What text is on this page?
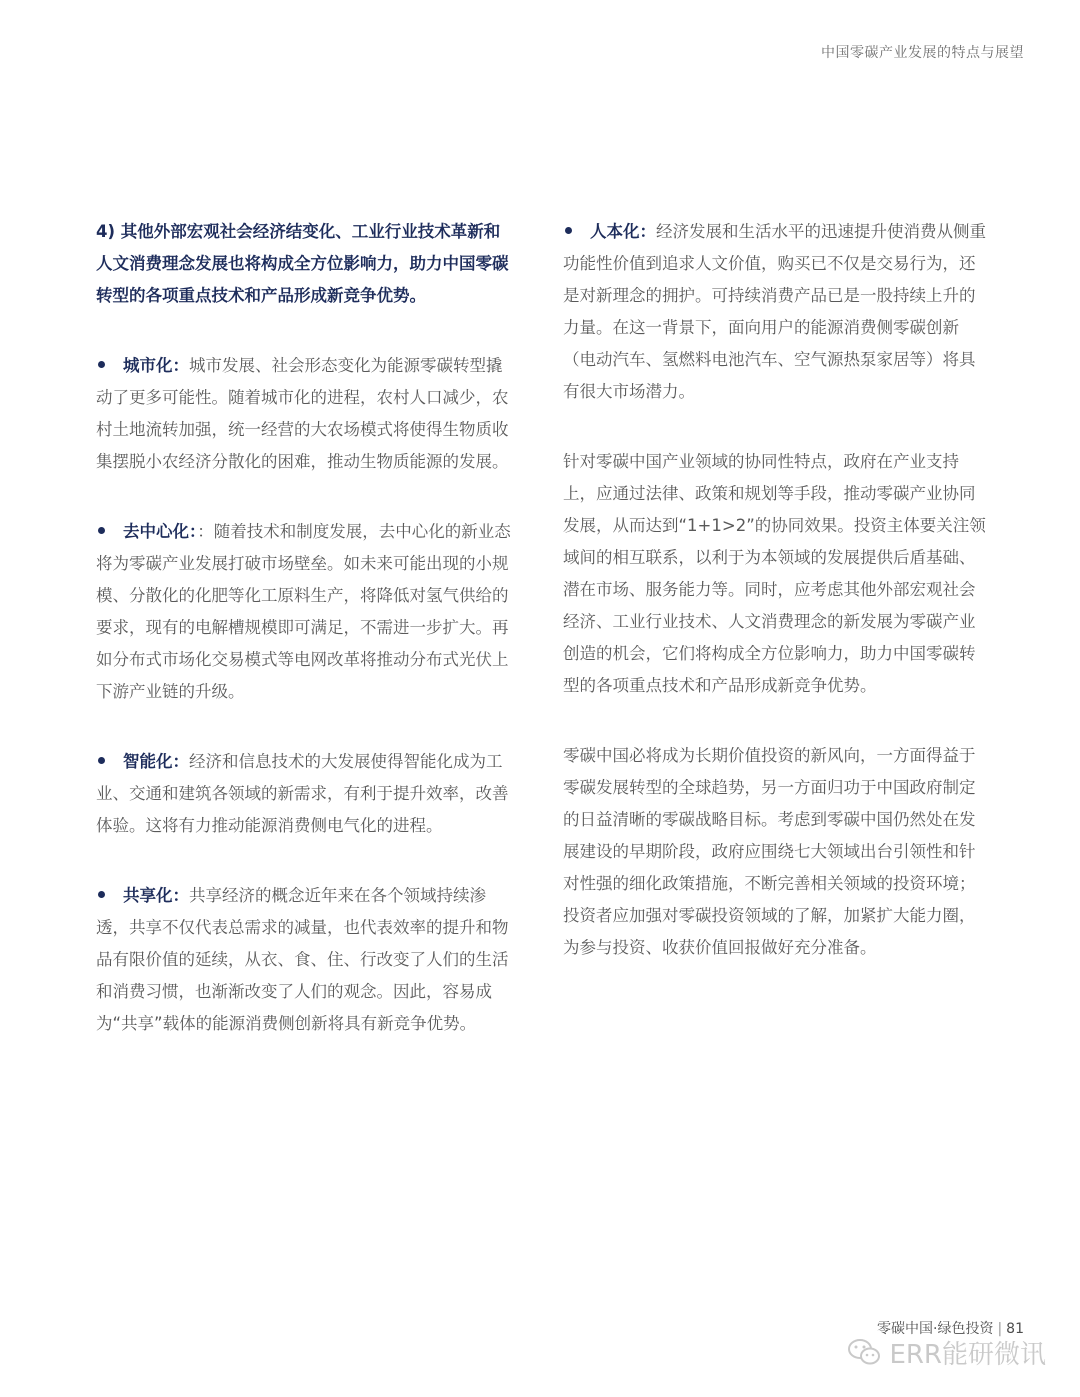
中国零碳产业发展的特点与展望

4) 其他外部宏观社会经济结变化、工业行业技术革新和人文消费理念发展也将构成全方位影响力，助力中国零碳转型的各项重点技术和产品形成新竞争优势。

城市化：城市发展、社会形态变化为能源零碳转型撬动了更多可能性。随着城市化的进程，农村人口减少，农村土地流转加强，统一经营的大农场模式将使得生物质收集摆脱小农经济分散化的困难，推动生物质能源的发展。

去中心化：：随着技术和制度发展，去中心化的新业态将为零碳产业发展打破市场壁垒。如未来可能出现的小规模、分散化的化肥等化工原料生产，将降低对氢气供给的要求，现有的电解槽规模即可满足，不需进一步扩大。再如分布式市场化交易模式等电网改革将推动分布式光伏上下游产业链的升级。

智能化：经济和信息技术的大发展使得智能化成为工业、交通和建筑各领域的新需求，有利于提升效率，改善体验。这将有力推动能源消费侧电气化的进程。

共享化：共享经济的概念近年来在各个领域持续渗透，共享不仅代表总需求的减量，也代表效率的提升和物品有限价值的延续，从衣、食、住、行改变了人们的生活和消费习惯，也渐渐改变了人们的观念。因此，容易成为“共享”载体的能源消费侧创新将具有新竞争优势。

人本化：经济发展和生活水平的迅速提升使消费从侧重功能性价值到追求人文价值，购买已不仅是交易行为，还是对新理念的拥护。可持续消费产品已是一股持续上升的力量。在这一背景下，面向用户的能源消费侧零碳创新（电动汽车、氢燃料电池汽车、空气源热泵家居等）将具有很大市场潜力。

针对零碳中国产业领域的协同性特点，政府在产业支持上，应通过法律、政策和规划等手段，推动零碳产业协同发展，从而达到“1+1>2”的协同效果。投资主体要关注领域间的相互联系，以利于为本领域的发展提供后盾基础、潜在市场、服务能力等。同时，应考虑其他外部宏观社会经济、工业行业技术、人文消费理念的新发展为零碳产业创造的机会，它们将构成全方位影响力，助力中国零碳转型的各项重点技术和产品形成新竞争优势。

零碳中国必将成为长期价值投资的新风向，一方面得益于零碳发展转型的全球趋势，另一方面归功于中国政府制定的日益清晰的零碳战略目标。考虑到零碳中国仍然处在发展建设的早期阶段，政府应围绕七大领域出台引领性和针对性强的细化政策措施，不断完善相关领域的投资环境；投资者应加强对零碳投资领域的了解，加紧扩大能力圈，为参与投资、收获价值回报做好充分准备。

零碳中国·绿色投资 | 81
ERR能研微讯
